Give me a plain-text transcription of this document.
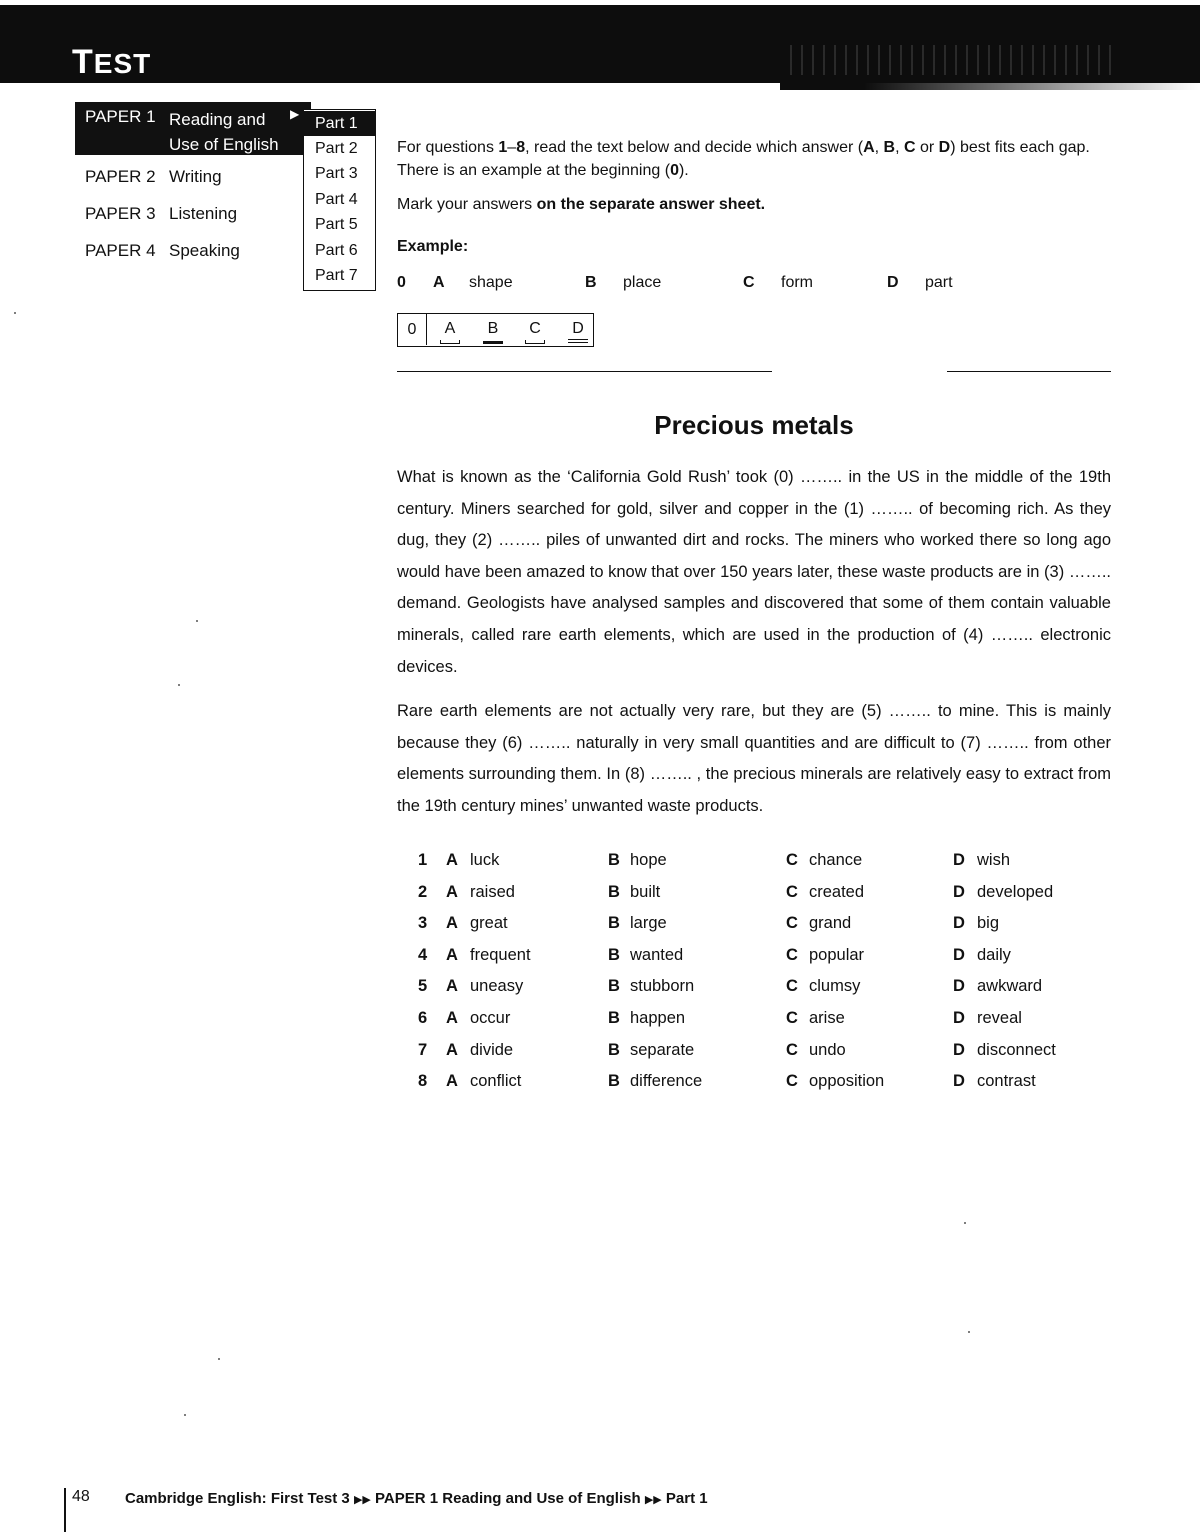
TEST
PAPER 1 Reading and
Use of English
▶
PAPER 2 Writing
PAPER 3 Listening
PAPER 4 Speaking
Part 1
Part 2
Part 3
Part 4
Part 5
Part 6
Part 7
For questions 1–8, read the text below and decide which answer (A, B, C or D) best fits each gap. There is an example at the beginning (0).
Mark your answers on the separate answer sheet.
Example:
0 A shape	B place	C form	D part
0	A B C D
Precious metals

What is known as the ‘California Gold Rush’ took (0) …….. in the US in the middle of the 19th century. Miners searched for gold, silver and copper in the (1) …….. of becoming rich. As they dug, they (2) …….. piles of unwanted dirt and rocks. The miners who worked there so long ago would have been amazed to know that over 150 years later, these waste products are in (3) …….. demand. Geologists have analysed samples and discovered that some of them contain valuable minerals, called rare earth elements, which are used in the production of (4) …….. electronic devices.

Rare earth elements are not actually very rare, but they are (5) …….. to mine. This is mainly because they (6) …….. naturally in very small quantities and are difficult to (7) …….. from other elements surrounding them. In (8) …….. , the precious minerals are relatively easy to extract from the 19th century mines’ unwanted waste products.

1 A luck	B hope	C chance	D wish
2 A raised	B built	C created	D developed
3 A great	B large	C grand	D big
4 A frequent	B wanted	C popular	D daily
5 A uneasy	B stubborn	C clumsy	D awkward
6 A occur	B happen	C arise	D reveal
7 A divide	B separate	C undo	D disconnect
8 A conflict	B difference	C opposition	D contrast
48 Cambridge English: First Test 3 ▶▶ PAPER 1 Reading and Use of English ▶▶ Part 1
